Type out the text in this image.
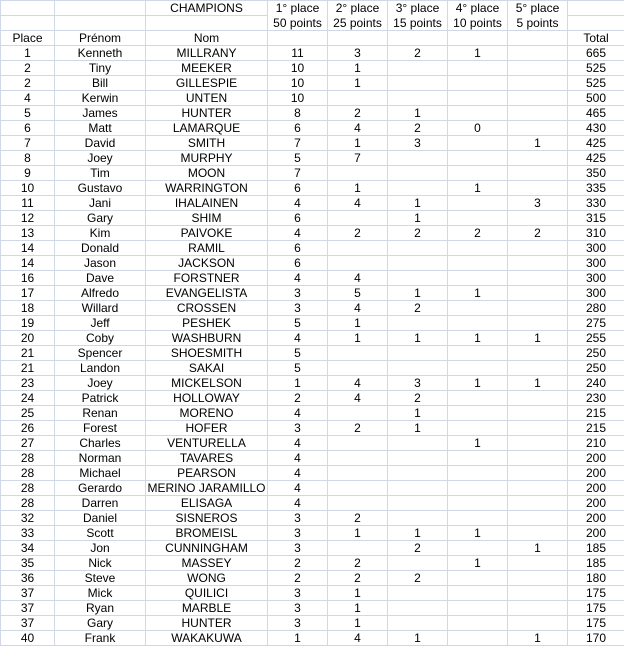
		CHAMPIONS	1° place	2° place	3° place	4° place	5° place	
			50 points	25 points	15 points	10 points	5 points	
Place	Prénom	Nom						Total
1	Kenneth	MILLRANY	11	3	2	1		665
2	Tiny	MEEKER	10	1				525
2	Bill	GILLESPIE	10	1				525
4	Kerwin	UNTEN	10					500
5	James	HUNTER	8	2	1			465
6	Matt	LAMARQUE	6	4	2	0		430
7	David	SMITH	7	1	3		1	425
8	Joey	MURPHY	5	7				425
9	Tim	MOON	7					350
10	Gustavo	WARRINGTON	6	1		1		335
11	Jani	IHALAINEN	4	4	1		3	330
12	Gary	SHIM	6		1			315
13	Kim	PAIVOKE	4	2	2	2	2	310
14	Donald	RAMIL	6					300
14	Jason	JACKSON	6					300
16	Dave	FORSTNER	4	4				300
17	Alfredo	EVANGELISTA	3	5	1	1		300
18	Willard	CROSSEN	3	4	2			280
19	Jeff	PESHEK	5	1				275
20	Coby	WASHBURN	4	1	1	1	1	255
21	Spencer	SHOESMITH	5					250
21	Landon	SAKAI	5					250
23	Joey	MICKELSON	1	4	3	1	1	240
24	Patrick	HOLLOWAY	2	4	2			230
25	Renan	MORENO	4		1			215
26	Forest	HOFER	3	2	1			215
27	Charles	VENTURELLA	4			1		210
28	Norman	TAVARES	4					200
28	Michael	PEARSON	4					200
28	Gerardo	MERINO JARAMILLO	4					200
28	Darren	ELISAGA	4					200
32	Daniel	SISNEROS	3	2				200
33	Scott	BROMEISL	3	1	1	1		200
34	Jon	CUNNINGHAM	3		2		1	185
35	Nick	MASSEY	2	2		1		185
36	Steve	WONG	2	2	2			180
37	Mick	QUILICI	3	1				175
37	Ryan	MARBLE	3	1				175
37	Gary	HUNTER	3	1				175
40	Frank	WAKAKUWA	1	4	1		1	170
